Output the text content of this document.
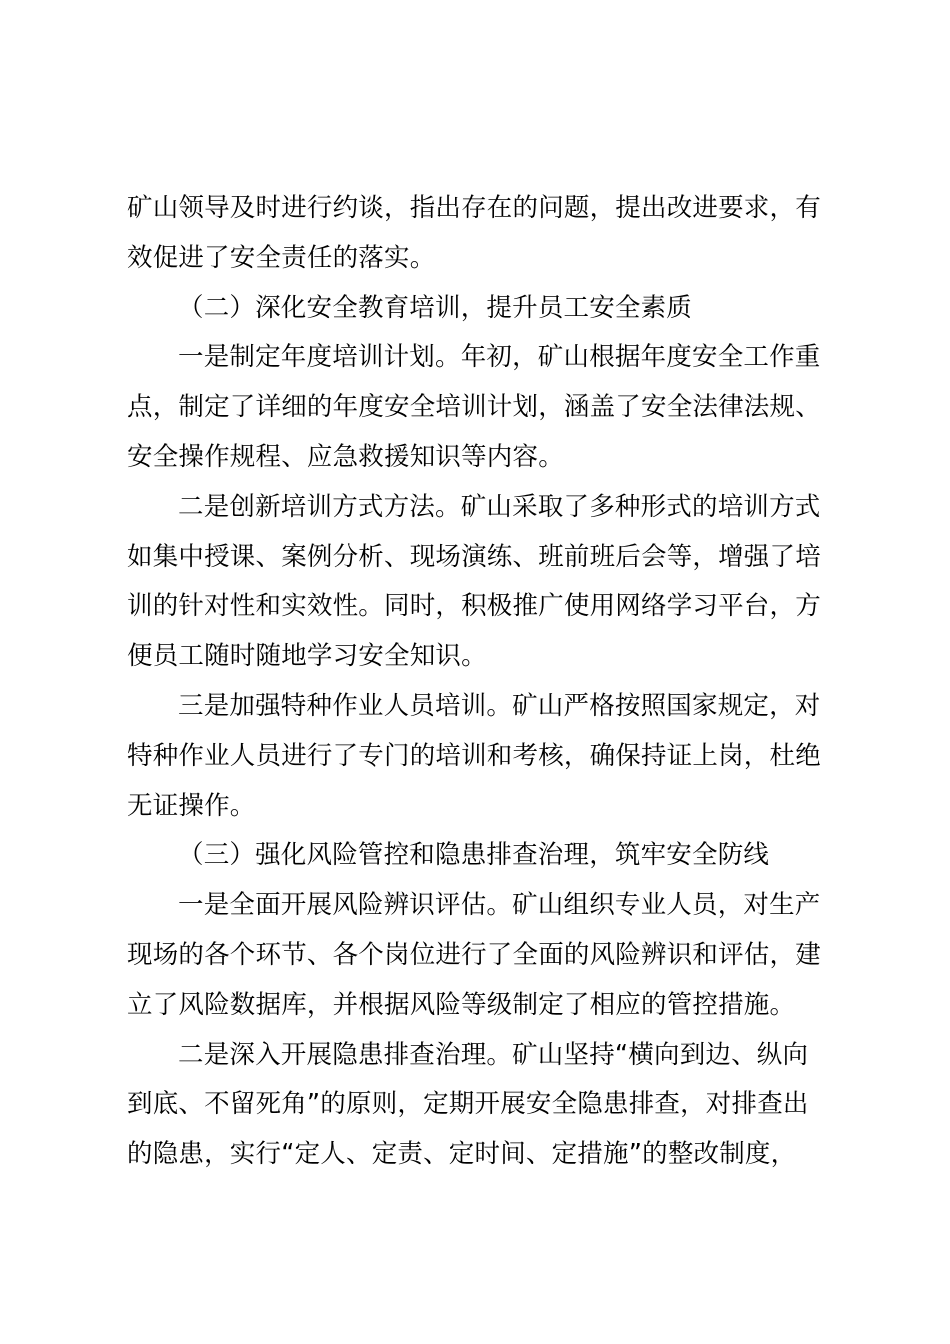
矿山领导及时进行约谈，指出存在的问题，提出改进要求，有
效促进了安全责任的落实。
（二）深化安全教育培训，提升员工安全素质
一是制定年度培训计划。年初，矿山根据年度安全工作重
点，制定了详细的年度安全培训计划，涵盖了安全法律法规、
安全操作规程、应急救援知识等内容。
二是创新培训方式方法。矿山采取了多种形式的培训方式
如集中授课、案例分析、现场演练、班前班后会等，增强了培
训的针对性和实效性。同时，积极推广使用网络学习平台，方
便员工随时随地学习安全知识。
三是加强特种作业人员培训。矿山严格按照国家规定，对
特种作业人员进行了专门的培训和考核，确保持证上岗，杜绝
无证操作。
（三）强化风险管控和隐患排查治理，筑牢安全防线
一是全面开展风险辨识评估。矿山组织专业人员，对生产
现场的各个环节、各个岗位进行了全面的风险辨识和评估，建
立了风险数据库，并根据风险等级制定了相应的管控措施。
二是深入开展隐患排查治理。矿山坚持“横向到边、纵向
到底、不留死角”的原则，定期开展安全隐患排查，对排查出
的隐患，实行“定人、定责、定时间、定措施”的整改制度，
